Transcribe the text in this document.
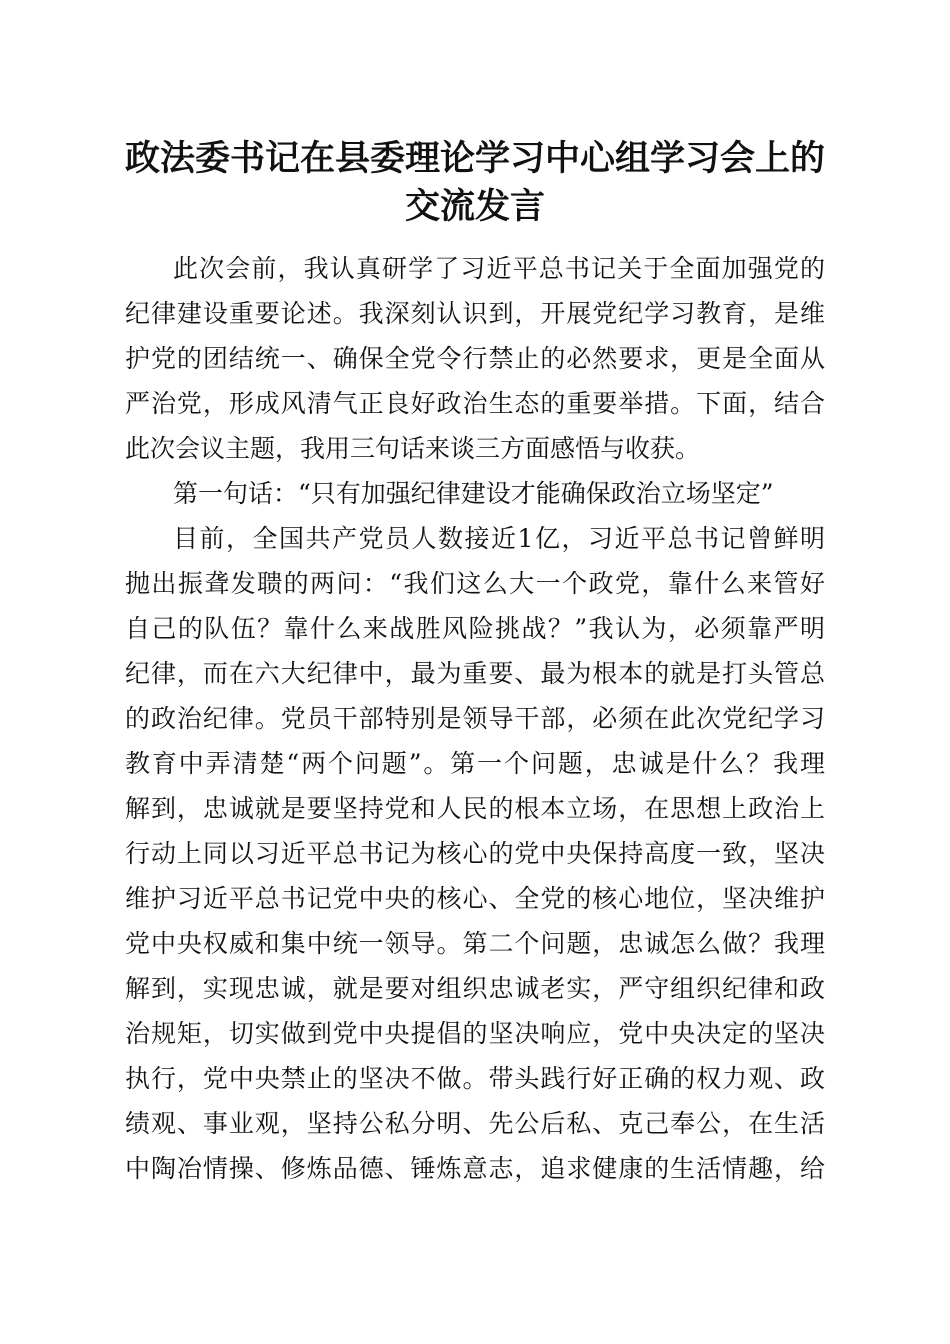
政法委书记在县委理论学习中心组学习会上的
交流发言
此次会前，我认真研学了习近平总书记关于全面加强党的
纪律建设重要论述。我深刻认识到，开展党纪学习教育，是维
护党的团结统一、确保全党令行禁止的必然要求，更是全面从
严治党，形成风清气正良好政治生态的重要举措。下面，结合
此次会议主题，我用三句话来谈三方面感悟与收获。
第一句话：“只有加强纪律建设才能确保政治立场坚定”
目前，全国共产党员人数接近1亿，习近平总书记曾鲜明
抛出振聋发聩的两问：“我们这么大一个政党，靠什么来管好
自己的队伍？靠什么来战胜风险挑战？”我认为，必须靠严明
纪律，而在六大纪律中，最为重要、最为根本的就是打头管总
的政治纪律。党员干部特别是领导干部，必须在此次党纪学习
教育中弄清楚“两个问题”。第一个问题，忠诚是什么？我理
解到，忠诚就是要坚持党和人民的根本立场，在思想上政治上
行动上同以习近平总书记为核心的党中央保持高度一致，坚决
维护习近平总书记党中央的核心、全党的核心地位，坚决维护
党中央权威和集中统一领导。第二个问题，忠诚怎么做？我理
解到，实现忠诚，就是要对组织忠诚老实，严守组织纪律和政
治规矩，切实做到党中央提倡的坚决响应，党中央决定的坚决
执行，党中央禁止的坚决不做。带头践行好正确的权力观、政
绩观、事业观，坚持公私分明、先公后私、克己奉公，在生活
中陶冶情操、修炼品德、锤炼意志，追求健康的生活情趣，给
